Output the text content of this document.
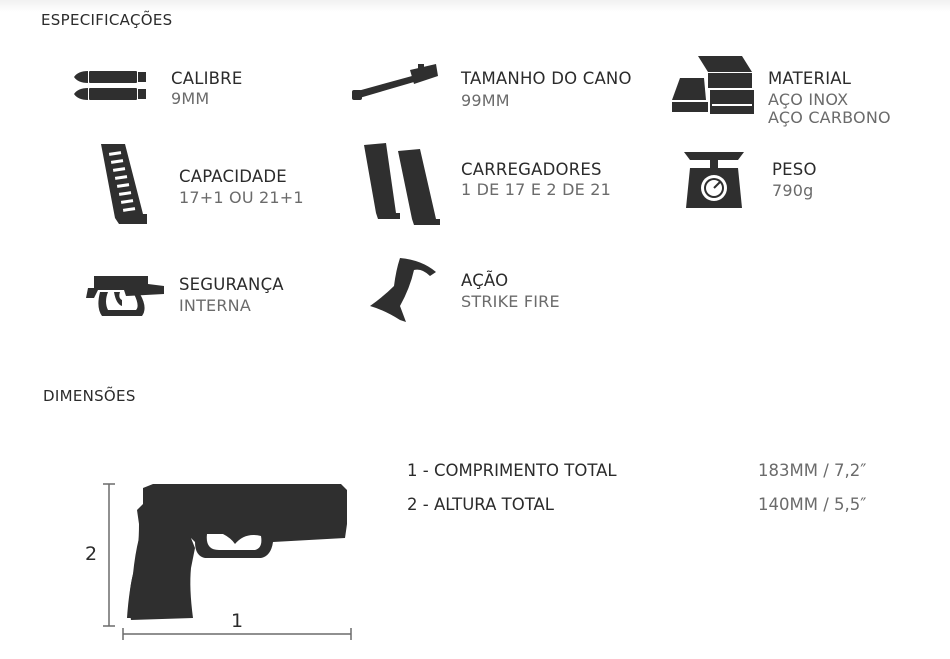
ESPECIFICAÇÕES
CALIBRE
9MM
TAMANHO DO CANO
99MM
MATERIAL
AÇO INOX
AÇO CARBONO
CAPACIDADE
17+1 OU 21+1
CARREGADORES
1 DE 17 E 2 DE 21
PESO
790g
SEGURANÇA
INTERNA
AÇÃO
STRIKE FIRE
DIMENSÕES
2
1
1 - COMPRIMENTO TOTAL	183MM / 7,2″
2 - ALTURA TOTAL	140MM / 5,5″
